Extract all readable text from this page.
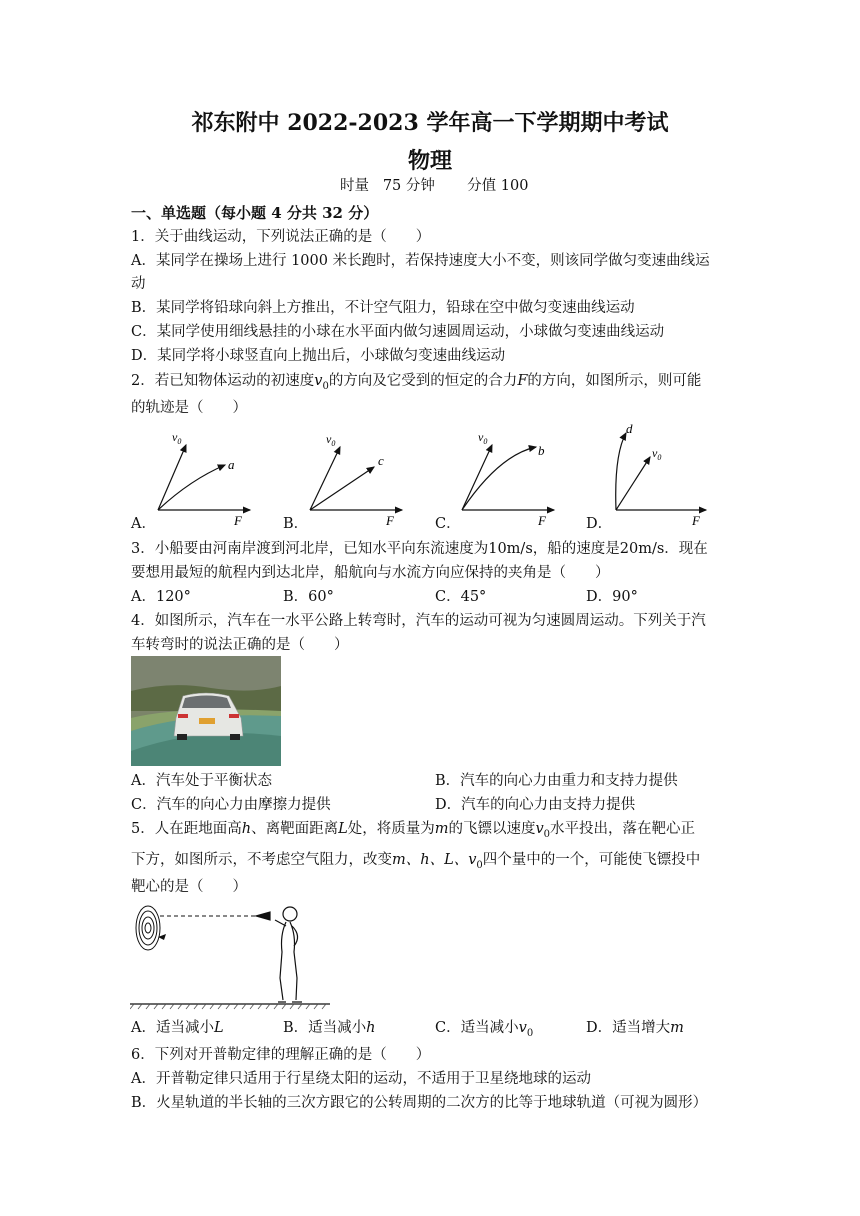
祁东附中 2022-2023 学年高一下学期期中考试
物理
时量 75 分钟 分值 100
一、单选题（每小题 4 分共 32 分）
1．关于曲线运动，下列说法正确的是（　　）
A．某同学在操场上进行 1000 米长跑时，若保持速度大小不变，则该同学做匀变速曲线运
动
B．某同学将铅球向斜上方推出，不计空气阻力，铅球在空中做匀变速曲线运动
C．某同学使用细线悬挂的小球在水平面内做匀速圆周运动，小球做匀变速曲线运动
D．某同学将小球竖直向上抛出后，小球做匀变速曲线运动
2．若已知物体运动的初速度$v_0$的方向及它受到的恒定的合力F的方向，如图所示，则可能
的轨迹是（　　）
$v_0$
a
F
$v_0$
c
F
$v_0$
b
F
d
$v_0$
F
A．	B．	C．	D．
3．小船要由河南岸渡到河北岸，已知水平向东流速度为10m/s，船的速度是20m/s．现在
要想用最短的航程内到达北岸，船航向与水流方向应保持的夹角是（　　）
A．120°	B．60°	C．45°	D．90°
4．如图所示，汽车在一水平公路上转弯时，汽车的运动可视为匀速圆周运动。下列关于汽
车转弯时的说法正确的是（　　）
A．汽车处于平衡状态	B．汽车的向心力由重力和支持力提供
C．汽车的向心力由摩擦力提供	D．汽车的向心力由支持力提供
5．人在距地面高h、离靶面距离L处，将质量为m的飞镖以速度$v_0$水平投出，落在靶心正
下方，如图所示，不考虑空气阻力，改变m、h、L、$v_0$四个量中的一个，可能使飞镖投中
靶心的是（　　）
A．适当减小L	B．适当减小h	C．适当减小$v_0$	D．适当增大m
6．下列对开普勒定律的理解正确的是（　　）
A．开普勒定律只适用于行星绕太阳的运动，不适用于卫星绕地球的运动
B．火星轨道的半长轴的三次方跟它的公转周期的二次方的比等于地球轨道（可视为圆形）
